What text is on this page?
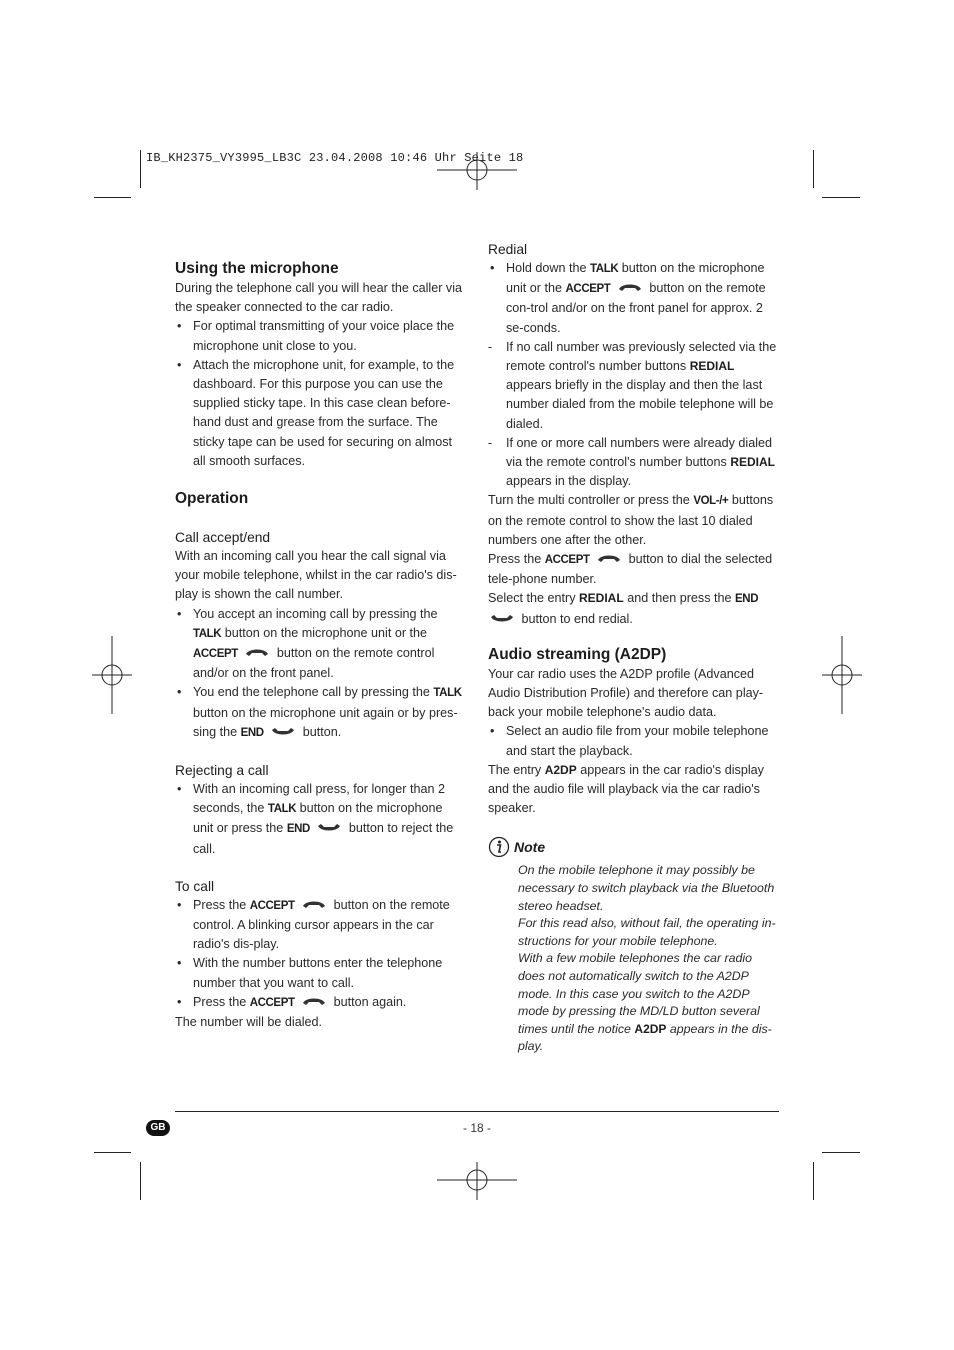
IB_KH2375_VY3995_LB3C 23.04.2008 10:46 Uhr Seite 18
Using the microphone

During the telephone call you will hear the caller via the speaker connected to the car radio.

• For optimal transmitting of your voice place the microphone unit close to you.
• Attach the microphone unit, for example, to the dashboard. For this purpose you can use the supplied sticky tape. In this case clean before-hand dust and grease from the surface. The sticky tape can be used for securing on almost all smooth surfaces.
Operation
Call accept/end

With an incoming call you hear the call signal via your mobile telephone, whilst in the car radio's dis-play is shown the call number.

• You accept an incoming call by pressing the TALK button on the microphone unit or the ACCEPT	button on the remote control and/or on the front panel.
• You end the telephone call by pressing the TALK button on the microphone unit again or by pres-sing the END	button.
Rejecting a call
• With an incoming call press, for longer than 2 seconds, the TALK button on the microphone unit or press the END	button to reject the call.
To call
• Press the ACCEPT	button on the remote control. A blinking cursor appears in the car radio's dis-play.
• With the number buttons enter the telephone number that you want to call.
• Press the ACCEPT	button again.

The number will be dialed.

Redial
• Hold down the TALK button on the microphone unit or the ACCEPT	button on the remote con-trol and/or on the front panel for approx. 2 se-conds.
- If no call number was previously selected via the remote control's number buttons REDIAL appears briefly in the display and then the last number dialed from the mobile telephone will be dialed.
- If one or more call numbers were already dialed via the remote control's number buttons REDIAL appears in the display.

Turn the multi controller or press the VOL-/+ buttons on the remote control to show the last 10 dialed numbers one after the other.

Press the ACCEPT	button to dial the selected tele-phone number.

Select the entry REDIAL and then press the END
button to end redial.

Audio streaming (A2DP)

Your car radio uses the A2DP profile (Advanced Audio Distribution Profile) and therefore can play-back your mobile telephone's audio data.

• Select an audio file from your mobile telephone and start the playback.

The entry A2DP appears in the car radio's display and the audio file will playback via the car radio's speaker.

Note

On the mobile telephone it may possibly be necessary to switch playback via the Bluetooth stereo headset.

For this read also, without fail, the operating in-structions for your mobile telephone.

With a few mobile telephones the car radio does not automatically switch to the A2DP mode. In this case you switch to the A2DP mode by pressing the MD/LD button several times until the notice A2DP appears in the dis-play.

GB	- 18 -
